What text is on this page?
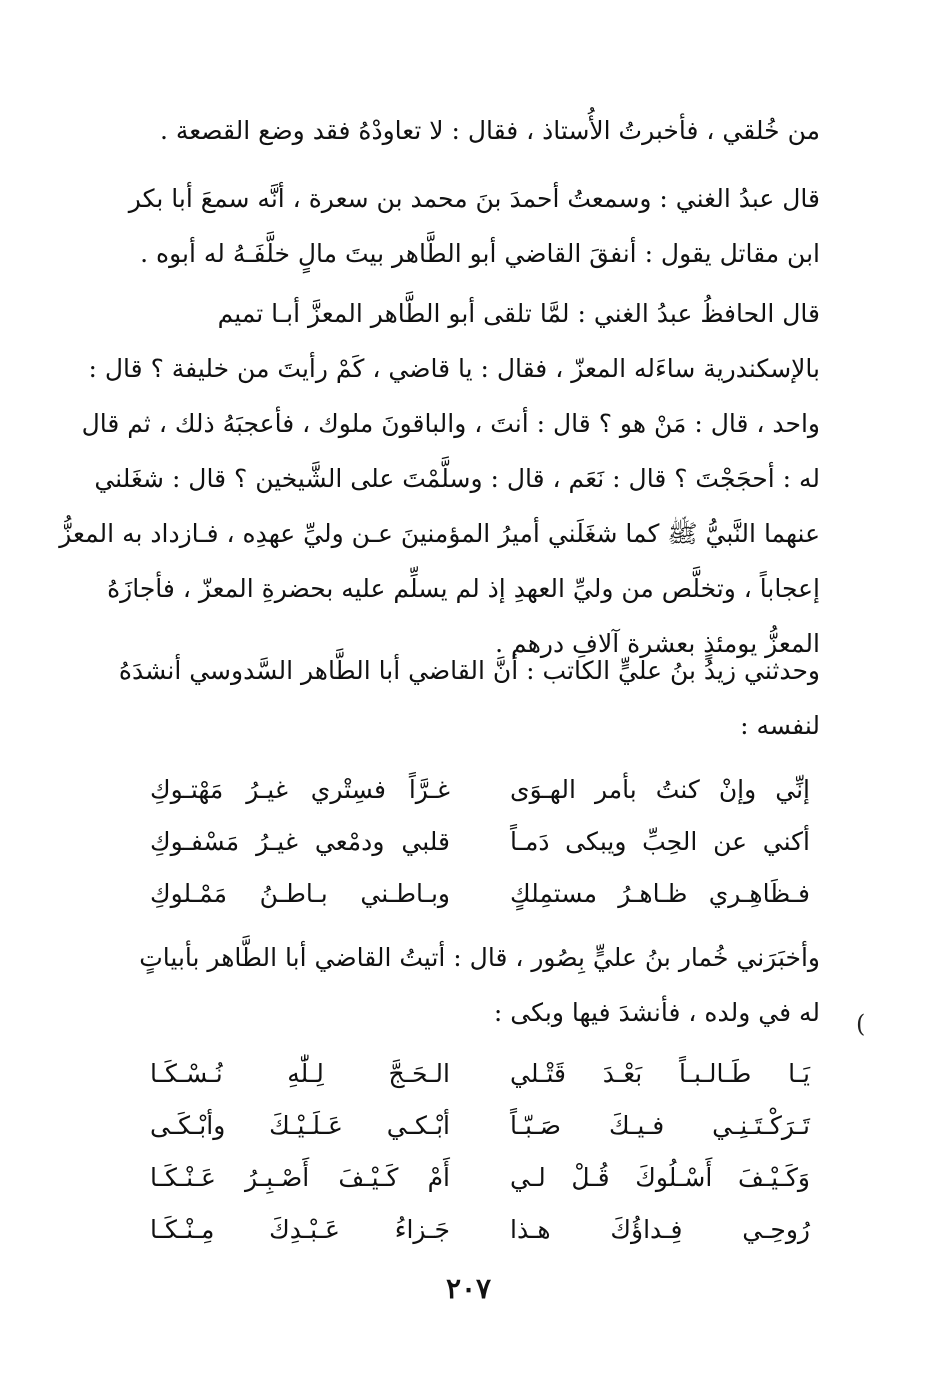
من خُلقي ، فأخبرتُ الأُستاذ ، فقال : لا تعاودْهُ فقد وضع القصعة .
قال عبدُ الغني : وسمعتُ أحمدَ بنَ محمد بن سعرة ، أنَّه سمعَ أبا بكر
ابن مقاتل يقول : أنفقَ القاضي أبو الطَّاهر بيتَ مالٍ خلَّفَـهُ له أبوه .
قال الحافظُ عبدُ الغني : لمَّا تلقى أبو الطَّاهر المعزَّ أبـا تميم
بالإسكندرية ساءَله المعزّ ، فقال : يا قاضي ، كَمْ رأيتَ من خليفة ؟ قال :
واحد ، قال : مَنْ هو ؟ قال : أنتَ ، والباقونَ ملوك ، فأعجبَهُ ذلك ، ثم قال
له : أحجَجْتَ ؟ قال : نَعَم ، قال : وسلَّمْتَ على الشَّيخين ؟ قال : شغَلني
عنهما النَّبيُّ ﷺ كما شغَلَني أميرُ المؤمنينَ عـن وليِّ عهدِه ، فـازداد به المعزُّ
إعجاباً ، وتخلَّص من وليِّ العهدِ إذ لم يسلِّم عليه بحضرةِ المعزّ ، فأجازَهُ
المعزُّ يومئذٍ بعشرة آلافِ درهم .
وحدثني زيدُ بنُ عليٍّ الكاتب : أنَّ القاضي أبا الطَّاهر السَّدوسي أنشدَهُ
لنفسه :
إنِّي وإنْ كنتُ بأمر الهـوَى
غـرَّاً فسِتْري غيـرُ مَهْتـوكِ
أكني عن الحِبِّ ويبكى دَمـاً
قلبي ودمْعي غيـرُ مَسْفـوكِ
فـظَاهِـري ظـاهـرُ مستمِلكٍ
وبـاطـني بـاطـنُ مَمْـلوكِ
وأخبَرَني خُمار بنُ عليٍّ بِصُور ، قال : أتيتُ القاضي أبا الطَّاهر بأبياتٍ
له في ولده ، فأنشدَ فيها وبكى : (
يَـا طَـالـبـاً بَعْـدَ قَتْـلي
الـحَـجَّ لِـلّٰهِ نُـسْـكَـا
تَـرَكْـتَـنِـي فـيـكَ صَـبّـاً
أبْـكـي عَـلَـيْـكَ وأبْـكَـى
وَكَـيْـفَ أَسْـلُوكَ قُـلْ لـي
أَمْ كَـيْـفَ أَصْـبِـرُ عَـنْـكَـا
رُوحِـي فِـداؤُكَ هـذا
جَـزاءُ عَـبْـدِكَ مِـنْـكَـا
٢٠٧
